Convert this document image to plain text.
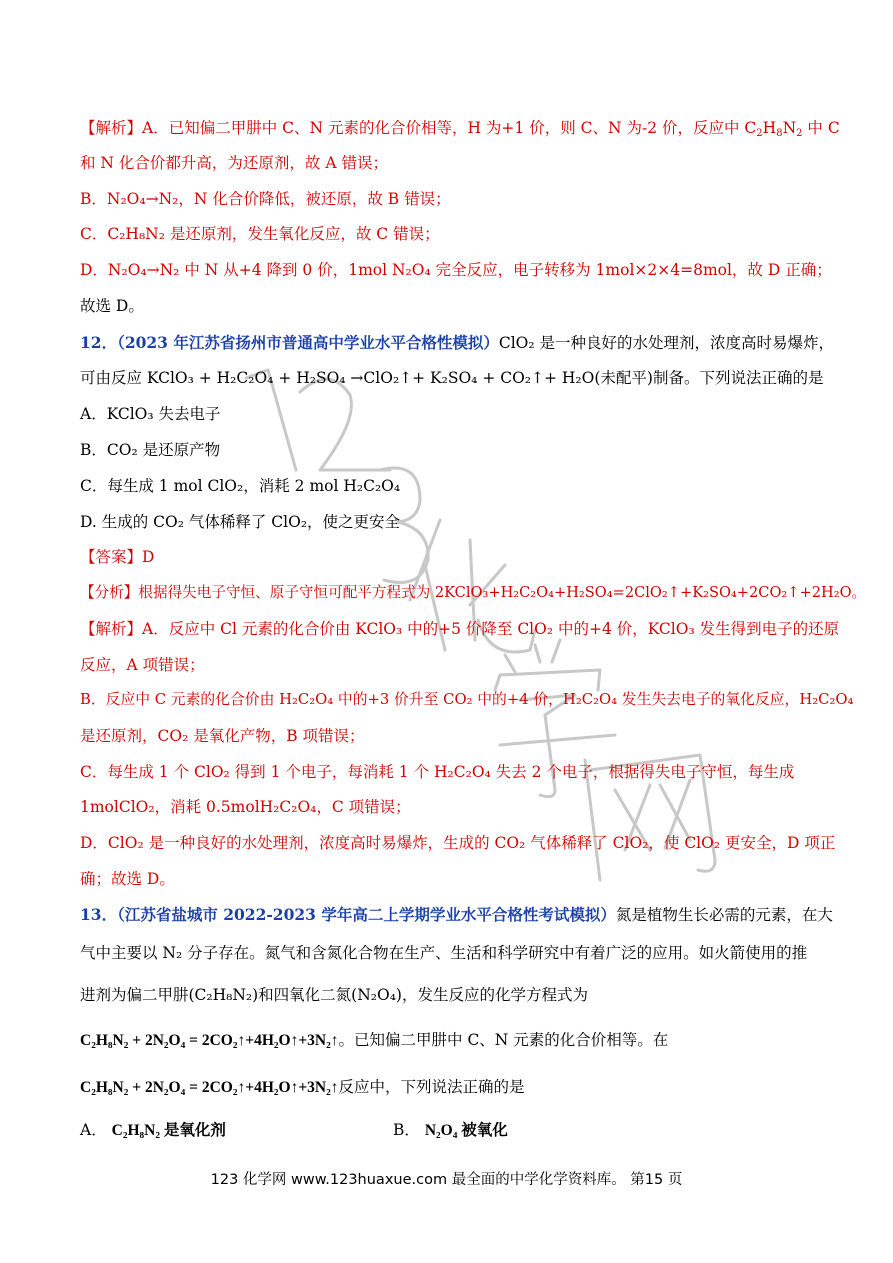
【解析】A．已知偏二甲肼中 C、N 元素的化合价相等，H 为+1 价，则 C、N 为-2 价，反应中 $C_2H_8N_2$ 中 C
和 N 化合价都升高，为还原剂，故 A 错误；
B．N₂O₄→N₂，N 化合价降低，被还原，故 B 错误；
C．C₂H₈N₂ 是还原剂，发生氧化反应，故 C 错误；
D．N₂O₄→N₂ 中 N 从+4 降到 0 价，1mol N₂O₄ 完全反应，电子转移为 1mol×2×4=8mol，故 D 正确；
故选 D。
12．（2023 年江苏省扬州市普通高中学业水平合格性模拟）ClO₂ 是一种良好的水处理剂，浓度高时易爆炸，
可由反应 KClO₃ + H₂C₂O₄ + H₂SO₄ →ClO₂↑+ K₂SO₄ + CO₂↑+ H₂O(未配平)制备。下列说法正确的是
A．KClO₃ 失去电子
B．CO₂ 是还原产物
C．每生成 1 mol ClO₂，消耗 2 mol H₂C₂O₄
D. 生成的 CO₂ 气体稀释了 ClO₂，使之更安全
【答案】D
【分析】根据得失电子守恒、原子守恒可配平方程式为 2KClO₃+H₂C₂O₄+H₂SO₄=2ClO₂↑+K₂SO₄+2CO₂↑+2H₂O。
【解析】A．反应中 Cl 元素的化合价由 KClO₃ 中的+5 价降至 ClO₂ 中的+4 价，KClO₃ 发生得到电子的还原
反应，A 项错误；
B．反应中 C 元素的化合价由 H₂C₂O₄ 中的+3 价升至 CO₂ 中的+4 价，H₂C₂O₄ 发生失去电子的氧化反应，H₂C₂O₄
是还原剂，CO₂ 是氧化产物，B 项错误；
C．每生成 1 个 ClO₂ 得到 1 个电子，每消耗 1 个 H₂C₂O₄ 失去 2 个电子，根据得失电子守恒，每生成
1molClO₂，消耗 0.5molH₂C₂O₄，C 项错误；
D．ClO₂ 是一种良好的水处理剂，浓度高时易爆炸，生成的 CO₂ 气体稀释了 ClO₂，使 ClO₂ 更安全，D 项正
确；故选 D。
13．（江苏省盐城市 2022-2023 学年高二上学期学业水平合格性考试模拟）氮是植物生长必需的元素，在大
气中主要以 N₂ 分子存在。氮气和含氮化合物在生产、生活和科学研究中有着广泛的应用。如火箭使用的推
进剂为偏二甲肼(C₂H₈N₂)和四氧化二氮(N₂O₄)，发生反应的化学方程式为
C₂H₈N₂ + 2N₂O₄ = 2CO₂↑+4H₂O↑+3N₂↑。已知偏二甲肼中 C、N 元素的化合价相等。在
C₂H₈N₂ + 2N₂O₄ = 2CO₂↑+4H₂O↑+3N₂↑反应中，下列说法正确的是
A． C₂H₈N₂ 是氧化剂	B． N₂O₄ 被氧化
123 化学网 www.123huaxue.com 最全面的中学化学资料库。 第15 页
